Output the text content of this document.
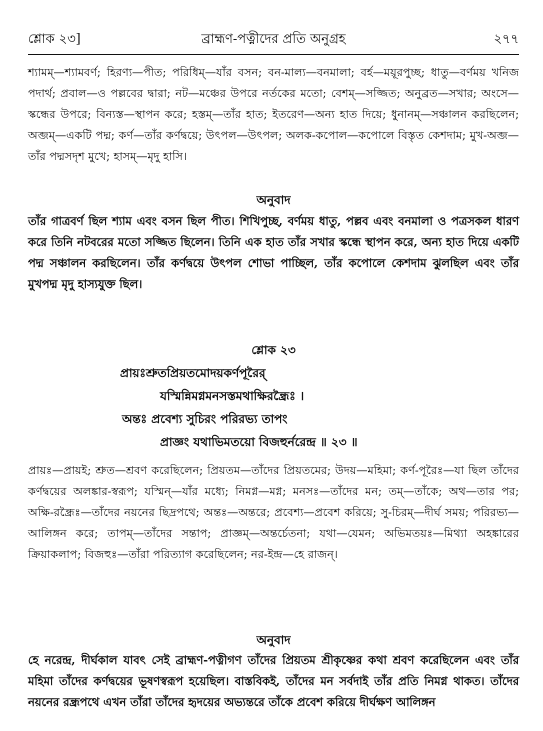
শ্লোক ২৩]	ব্রাহ্মণ-পত্নীদের প্রতি অনুগ্রহ	২৭৭

শ্যামম্—শ্যামবর্ণ; হিরণ্য—পীত; পরিধিম্—যাঁর বসন; বন-মাল্য—বনমালা; বর্হ—ময়ূরপুচ্ছ; ধাতু—বর্ণময় খনিজ পদার্থ; প্রবাল—ও পল্লবের দ্বারা; নট—মঞ্চের উপরে নর্তকের মতো; বেশম্—সজ্জিত; অনুব্রত—সখার; অংসে—স্কন্ধের উপরে; বিন্যস্ত—স্থাপন করে; হস্তম্—তাঁর হাত; ইতরেণ—অন্য হাত দিয়ে; ধুনানম্—সঞ্চালন করছিলেন; অব্জম্—একটি পদ্ম; কর্ণ—তাঁর কর্ণদ্বয়ে; উৎপল—উৎপল; অলক-কপোল—কপোলে বিস্তৃত কেশদাম; মুখ-অব্জ—তাঁর পদ্মসদৃশ মুখে; হাসম্—মৃদু হাসি।

অনুবাদ

তাঁর গাত্রবর্ণ ছিল শ্যাম এবং বসন ছিল পীত। শিখিপুচ্ছ, বর্ণময় ধাতু, পল্লব এবং বনমালা ও পত্রসকল ধারণ করে তিনি নটবরের মতো সজ্জিত ছিলেন। তিনি এক হাত তাঁর সখার স্কন্ধে স্থাপন করে, অন্য হাত দিয়ে একটি পদ্ম সঞ্চালন করছিলেন। তাঁর কর্ণদ্বয়ে উৎপল শোভা পাচ্ছিল, তাঁর কপোলে কেশদাম ঝুলছিল এবং তাঁর মুখপদ্ম মৃদু হাস্যযুক্ত ছিল।

শ্লোক ২৩
প্রায়ঃশ্রুতপ্রিয়তমোদয়কর্ণপূরৈর্
যস্মিন্নিমগ্নমনসস্তমথাক্ষিরন্ধ্রৈঃ ।
অন্তঃ প্রবেশ্য সুচিরং পরিরভ্য তাপং
প্রাজ্ঞং যথাভিমতয়ো বিজহুর্নরেন্দ্র ॥ ২৩ ॥

প্রায়ঃ—প্রায়ই; শ্রুত—শ্রবণ করেছিলেন; প্রিয়তম—তাঁদের প্রিয়তমের; উদয়—মহিমা; কর্ণ-পূরৈঃ—যা ছিল তাঁদের কর্ণদ্বয়ের অলঙ্কার-স্বরূপ; যস্মিন্—যাঁর মধ্যে; নিমগ্ন—মগ্ন; মনসঃ—তাঁদের মন; তম্—তাঁকে; অথ—তার পর; অক্ষি-রন্ধ্রৈঃ—তাঁদের নয়নের ছিদ্রপথে; অন্তঃ—অন্তরে; প্রবেশ্য—প্রবেশ করিয়ে; সু-চিরম্—দীর্ঘ সময়; পরিরভ্য—আলিঙ্গন করে; তাপম্—তাঁদের সন্তাপ; প্রাজ্ঞম্—অন্তর্চেতনা; যথা—যেমন; অভিমতয়ঃ—মিথ্যা অহঙ্কারের ক্রিয়াকলাপ; বিজহুঃ—তাঁরা পরিত্যাগ করেছিলেন; নর-ইন্দ্র—হে রাজন্।

অনুবাদ

হে নরেন্দ্র, দীর্ঘকাল যাবৎ সেই ব্রাহ্মণ-পত্নীগণ তাঁদের প্রিয়তম শ্রীকৃষ্ণের কথা শ্রবণ করেছিলেন এবং তাঁর মহিমা তাঁদের কর্ণদ্বয়ের ভূষণস্বরূপ হয়েছিল। বাস্তবিকই, তাঁদের মন সর্বদাই তাঁর প্রতি নিমগ্ন থাকত। তাঁদের নয়নের রন্ধ্রপথে এখন তাঁরা তাঁদের হৃদয়ের অভ্যন্তরে তাঁকে প্রবেশ করিয়ে দীর্ঘক্ষণ আলিঙ্গন
